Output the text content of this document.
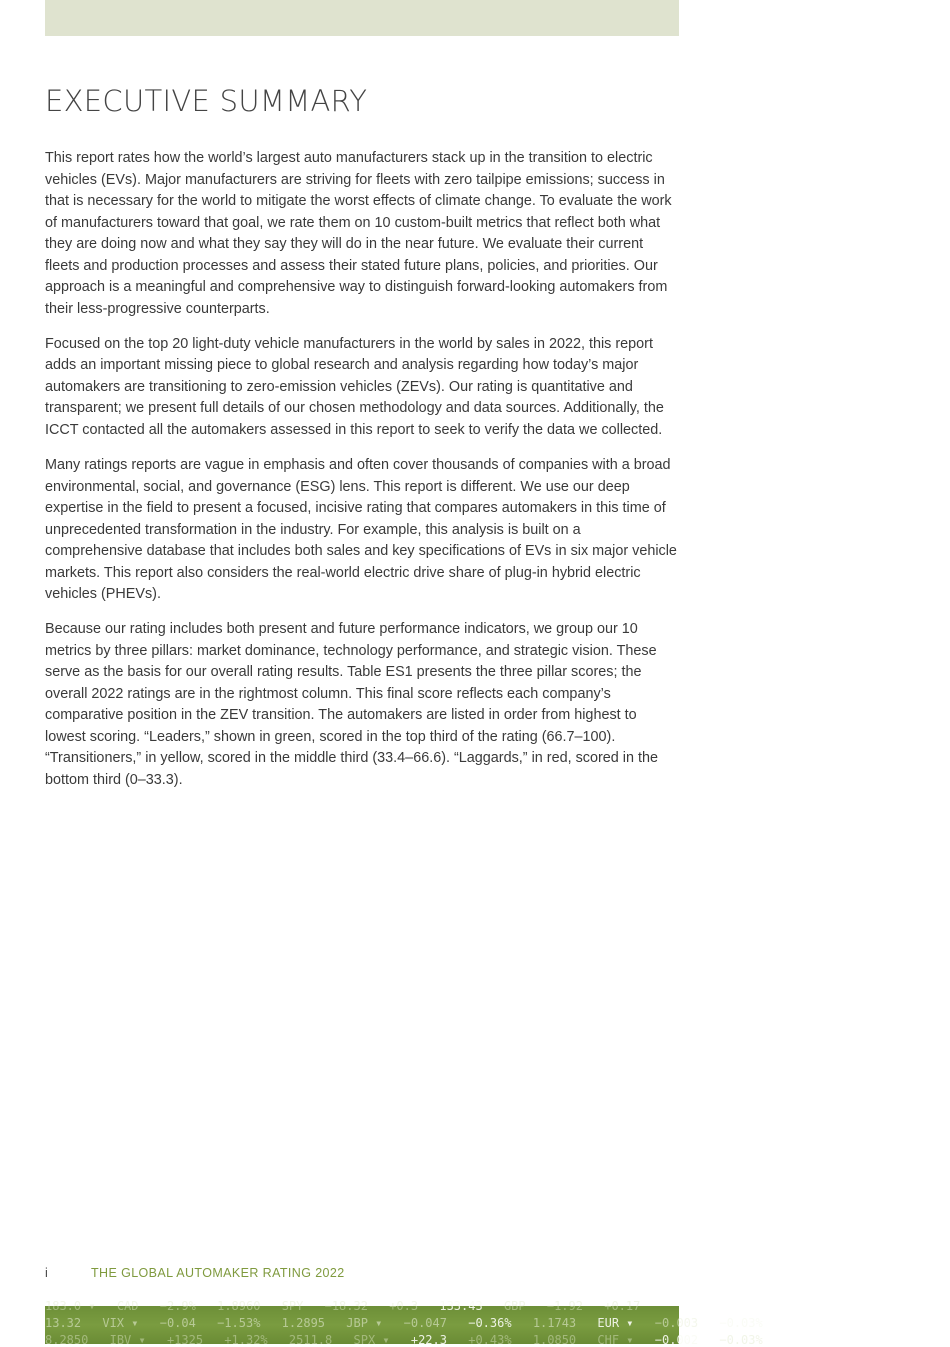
EXECUTIVE SUMMARY

This report rates how the world’s largest auto manufacturers stack up in the transition to electric vehicles (EVs). Major manufacturers are striving for fleets with zero tailpipe emissions; success in that is necessary for the world to mitigate the worst effects of climate change. To evaluate the work of manufacturers toward that goal, we rate them on 10 custom-built metrics that reflect both what they are doing now and what they say they will do in the near future. We evaluate their current fleets and production processes and assess their stated future plans, policies, and priorities. Our approach is a meaningful and comprehensive way to distinguish forward-looking automakers from their less-progressive counterparts.

Focused on the top 20 light-duty vehicle manufacturers in the world by sales in 2022, this report adds an important missing piece to global research and analysis regarding how today’s major automakers are transitioning to zero-emission vehicles (ZEVs). Our rating is quantitative and transparent; we present full details of our chosen methodology and data sources. Additionally, the ICCT contacted all the automakers assessed in this report to seek to verify the data we collected.

Many ratings reports are vague in emphasis and often cover thousands of companies with a broad environmental, social, and governance (ESG) lens. This report is different. We use our deep expertise in the field to present a focused, incisive rating that compares automakers in this time of unprecedented transformation in the industry. For example, this analysis is built on a comprehensive database that includes both sales and key specifications of EVs in six major vehicle markets. This report also considers the real-world electric drive share of plug-in hybrid electric vehicles (PHEVs).

Because our rating includes both present and future performance indicators, we group our 10 metrics by three pillars: market dominance, technology performance, and strategic vision. These serve as the basis for our overall rating results. Table ES1 presents the three pillar scores; the overall 2022 ratings are in the rightmost column. This final score reflects each company’s comparative position in the ZEV transition. The automakers are listed in order from highest to lowest scoring. “Leaders,” shown in green, scored in the top third of the rating (66.7–100). “Transitioners,” in yellow, scored in the middle third (33.4–66.6). “Laggards,” in red, scored in the bottom third (0–33.3).

i	THE GLOBAL AUTOMAKER RATING 2022
183.0 ▾ CAD −2.9% 1.8960 SPY −18.32 +0.3 133.43 GBP −1.92 +0.17
13.32 VIX ▾ −0.04 −1.53% 1.2895 JBP ▾ −0.047 −0.36% 1.1743 EUR ▾ −0.003 −0.03%
8.2850 IBV ▾ +1325 +1.32% 2511.8 SPX ▾ +22.3 +0.43% 1.0850 CHF ▾ −0.002 −0.03%
